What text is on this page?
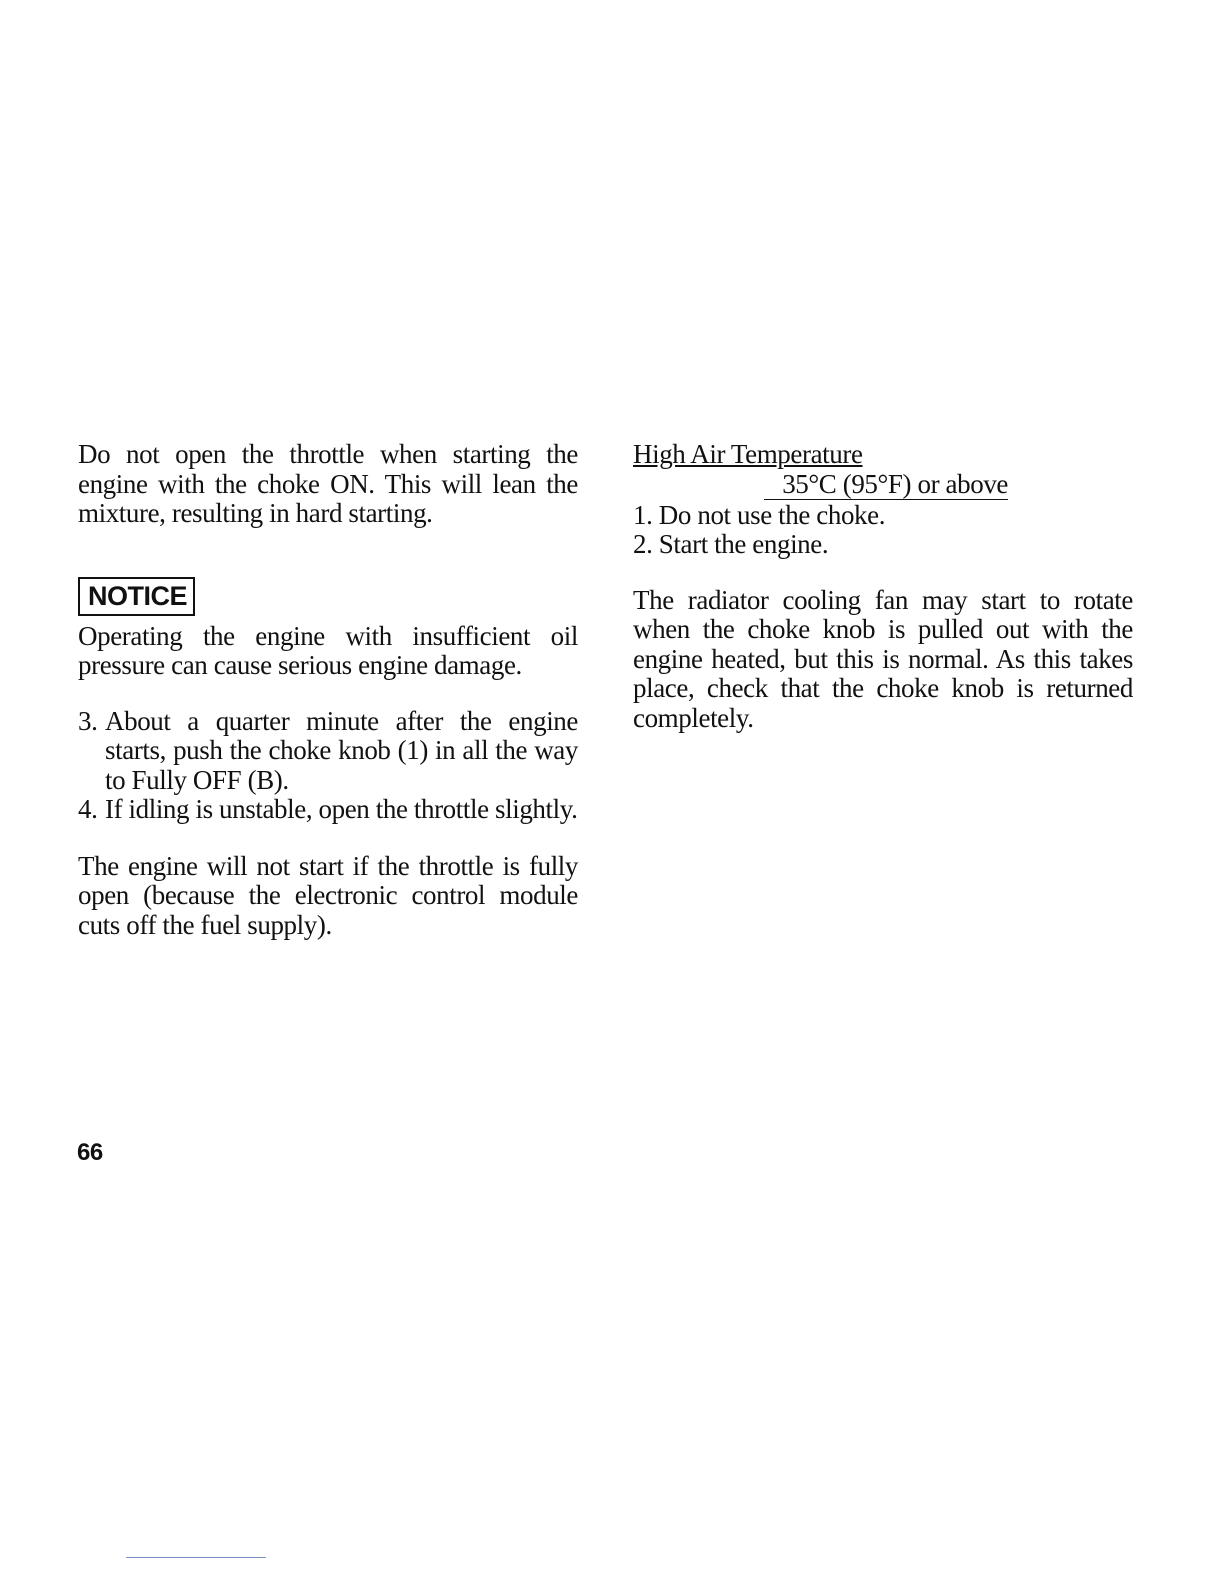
Do not open the throttle when starting the engine with the choke ON. This will lean the mixture, resulting in hard starting.

NOTICE

Operating the engine with insufficient oil pressure can cause serious engine damage.

3. About a quarter minute after the engine starts, push the choke knob (1) in all the way to Fully OFF (B).

4. If idling is unstable, open the throttle slightly.

The engine will not start if the throttle is fully open (because the electronic control module cuts off the fuel supply).

High Air Temperature
35°C (95°F) or above

1. Do not use the choke.

2. Start the engine.

The radiator cooling fan may start to rotate when the choke knob is pulled out with the engine heated, but this is normal. As this takes place, check that the choke knob is returned completely.

66
